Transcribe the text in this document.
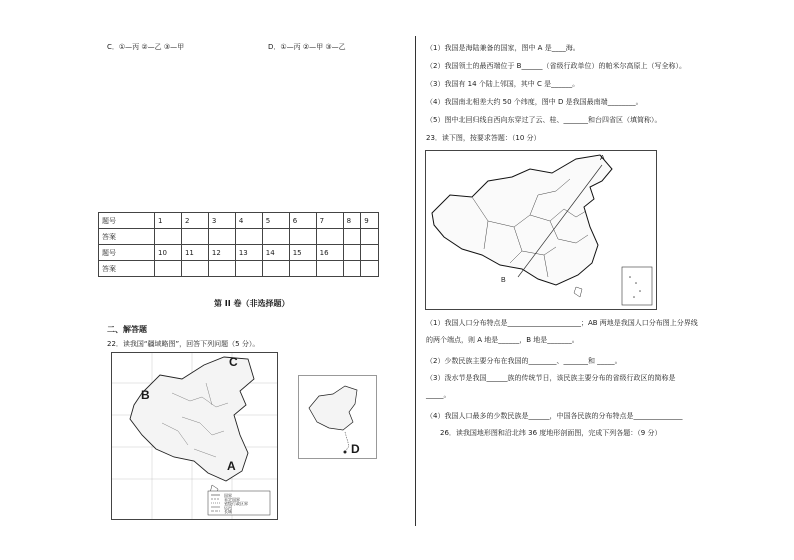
C．①—丙 ②—乙 ③—甲	D．①—丙 ②—甲 ③—乙
题号	1	2	3	4	5	6	7	8	9
答案									
题号	10	11	12	13	14	15	16		
答案									
第 II 卷（非选择题）
二、解答题
22．读我国“疆域略图”，回答下列问题（5 分）。
B
C
A
国界
未定国界
省级行政区界
运河
长城
D
（1）我国是海陆兼备的国家，图中 A 是____海。
（2）我国领土的最西端位于 B______（省级行政单位）的帕米尔高原上（写全称）。
（3）我国有 14 个陆上邻国，其中 C 是______。
（4）我国南北相差大约 50 个纬度，图中 D 是我国最南端________。
（5）图中北回归线自西向东穿过了云、桂、_______和台四省区（填简称）。
23．读下图，按要求答题：（10 分）
A
B
（1）我国人口分布特点是_____________________；AB 两地是我国人口分布图上分界线
的两个端点，则 A 地是______，B 地是_______。
（2）少数民族主要分布在我国的________、_______和 _____。
（3）泼水节是我国______族的传统节日，该民族主要分布的省级行政区的简称是
_____。
（4）我国人口最多的少数民族是______，中国各民族的分布特点是______________
26．读我国地形图和沿北纬 36 度地形剖面图，完成下列各题：（9 分）
